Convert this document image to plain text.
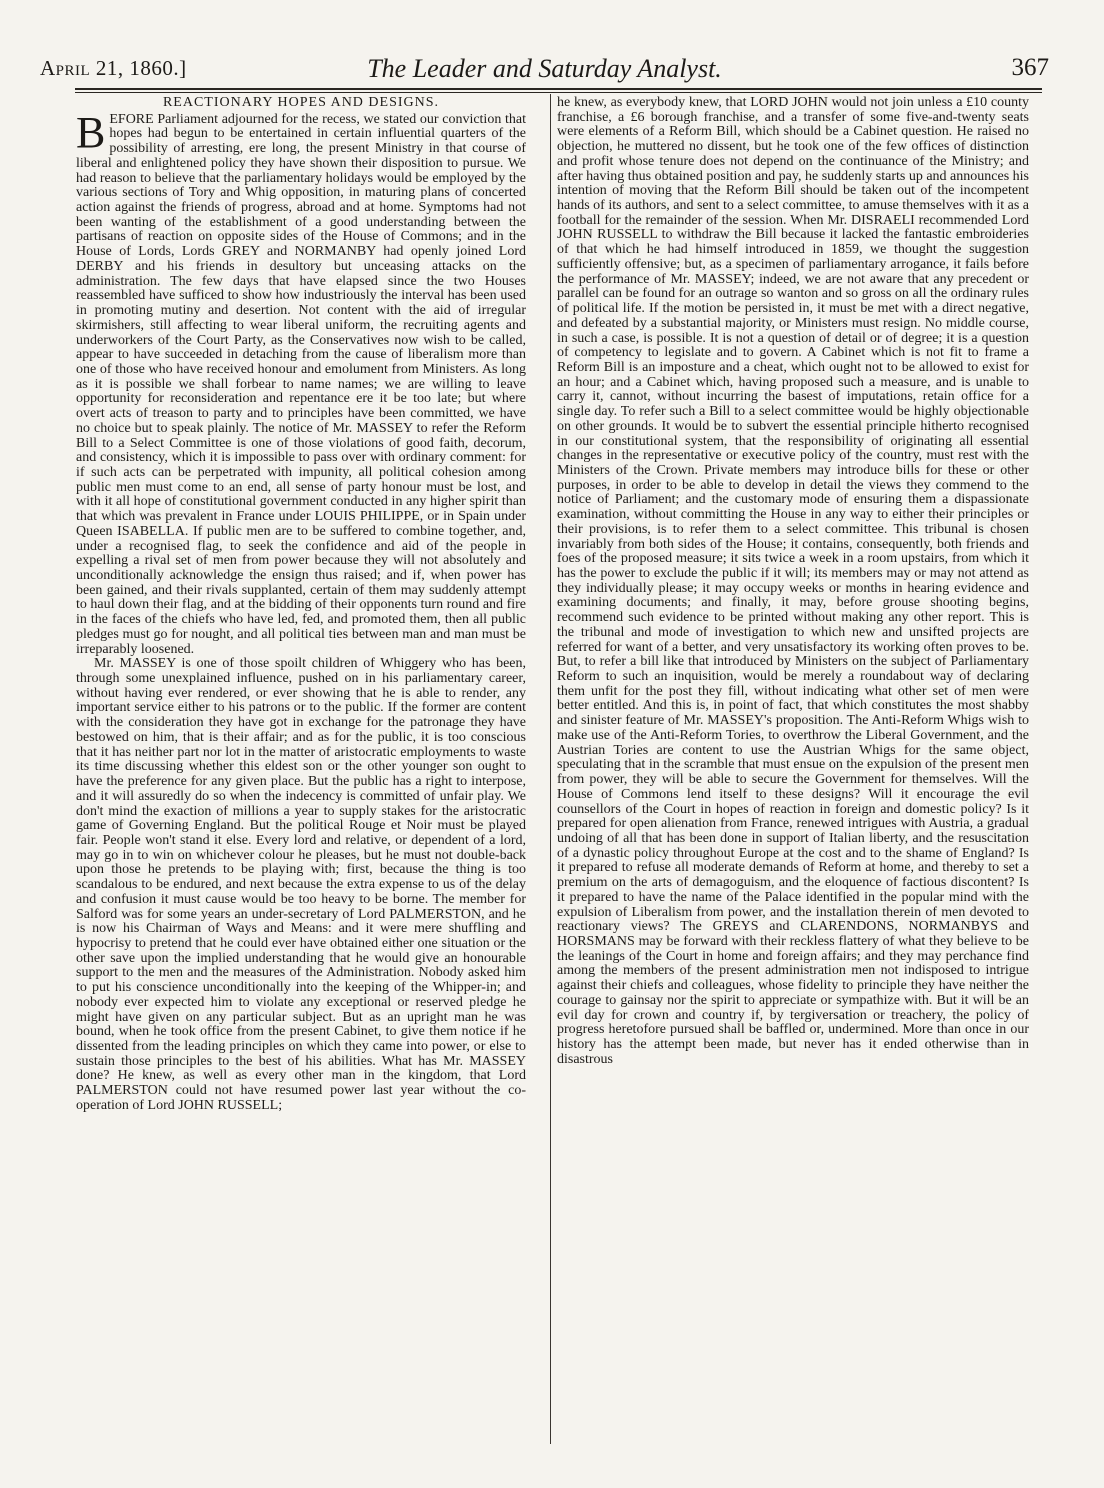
April 21, 1860.]	The Leader and Saturday Analyst.	367
REACTIONARY HOPES AND DESIGNS.

BEFORE Parliament adjourned for the recess, we stated our conviction that hopes had begun to be entertained in certain influential quarters of the possibility of arresting, ere long, the present Ministry in that course of liberal and enlightened policy they have shown their disposition to pursue. We had reason to believe that the parliamentary holidays would be employed by the various sections of Tory and Whig opposition, in maturing plans of concerted action against the friends of progress, abroad and at home. Symptoms had not been wanting of the establishment of a good understanding between the partisans of reaction on opposite sides of the House of Commons; and in the House of Lords, Lords GREY and NORMANBY had openly joined Lord DERBY and his friends in desultory but unceasing attacks on the administration. The few days that have elapsed since the two Houses reassembled have sufficed to show how industriously the interval has been used in promoting mutiny and desertion. Not content with the aid of irregular skirmishers, still affecting to wear liberal uniform, the recruiting agents and underworkers of the Court Party, as the Conservatives now wish to be called, appear to have succeeded in detaching from the cause of liberalism more than one of those who have received honour and emolument from Ministers. As long as it is possible we shall forbear to name names; we are willing to leave opportunity for reconsideration and repentance ere it be too late; but where overt acts of treason to party and to principles have been committed, we have no choice but to speak plainly. The notice of Mr. MASSEY to refer the Reform Bill to a Select Committee is one of those violations of good faith, decorum, and consistency, which it is impossible to pass over with ordinary comment: for if such acts can be perpetrated with impunity, all political cohesion among public men must come to an end, all sense of party honour must be lost, and with it all hope of constitutional government conducted in any higher spirit than that which was prevalent in France under LOUIS PHILIPPE, or in Spain under Queen ISABELLA. If public men are to be suffered to combine together, and, under a recognised flag, to seek the confidence and aid of the people in expelling a rival set of men from power because they will not absolutely and unconditionally acknowledge the ensign thus raised; and if, when power has been gained, and their rivals supplanted, certain of them may suddenly attempt to haul down their flag, and at the bidding of their opponents turn round and fire in the faces of the chiefs who have led, fed, and promoted them, then all public pledges must go for nought, and all political ties between man and man must be irreparably loosened.

Mr. MASSEY is one of those spoilt children of Whiggery who has been, through some unexplained influence, pushed on in his parliamentary career, without having ever rendered, or ever showing that he is able to render, any important service either to his patrons or to the public. If the former are content with the consideration they have got in exchange for the patronage they have bestowed on him, that is their affair; and as for the public, it is too conscious that it has neither part nor lot in the matter of aristocratic employments to waste its time discussing whether this eldest son or the other younger son ought to have the preference for any given place. But the public has a right to interpose, and it will assuredly do so when the indecency is committed of unfair play. We don't mind the exaction of millions a year to supply stakes for the aristocratic game of Governing England. But the political Rouge et Noir must be played fair. People won't stand it else. Every lord and relative, or dependent of a lord, may go in to win on whichever colour he pleases, but he must not double-back upon those he pretends to be playing with; first, because the thing is too scandalous to be endured, and next because the extra expense to us of the delay and confusion it must cause would be too heavy to be borne. The member for Salford was for some years an under-secretary of Lord PALMERSTON, and he is now his Chairman of Ways and Means: and it were mere shuffling and hypocrisy to pretend that he could ever have obtained either one situation or the other save upon the implied understanding that he would give an honourable support to the men and the measures of the Administration. Nobody asked him to put his conscience unconditionally into the keeping of the Whipper-in; and nobody ever expected him to violate any exceptional or reserved pledge he might have given on any particular subject. But as an upright man he was bound, when he took office from the present Cabinet, to give them notice if he dissented from the leading principles on which they came into power, or else to sustain those principles to the best of his abilities. What has Mr. MASSEY done? He knew, as well as every other man in the kingdom, that Lord PALMERSTON could not have resumed power last year without the co-operation of Lord JOHN RUSSELL;

he knew, as everybody knew, that LORD JOHN would not join unless a £10 county franchise, a £6 borough franchise, and a transfer of some five-and-twenty seats were elements of a Reform Bill, which should be a Cabinet question. He raised no objection, he muttered no dissent, but he took one of the few offices of distinction and profit whose tenure does not depend on the continuance of the Ministry; and after having thus obtained position and pay, he suddenly starts up and announces his intention of moving that the Reform Bill should be taken out of the incompetent hands of its authors, and sent to a select committee, to amuse themselves with it as a football for the remainder of the session. When Mr. DISRAELI recommended Lord JOHN RUSSELL to withdraw the Bill because it lacked the fantastic embroideries of that which he had himself introduced in 1859, we thought the suggestion sufficiently offensive; but, as a specimen of parliamentary arrogance, it fails before the performance of Mr. MASSEY; indeed, we are not aware that any precedent or parallel can be found for an outrage so wanton and so gross on all the ordinary rules of political life. If the motion be persisted in, it must be met with a direct negative, and defeated by a substantial majority, or Ministers must resign. No middle course, in such a case, is possible. It is not a question of detail or of degree; it is a question of competency to legislate and to govern. A Cabinet which is not fit to frame a Reform Bill is an imposture and a cheat, which ought not to be allowed to exist for an hour; and a Cabinet which, having proposed such a measure, and is unable to carry it, cannot, without incurring the basest of imputations, retain office for a single day. To refer such a Bill to a select committee would be highly objectionable on other grounds. It would be to subvert the essential principle hitherto recognised in our constitutional system, that the responsibility of originating all essential changes in the representative or executive policy of the country, must rest with the Ministers of the Crown. Private members may introduce bills for these or other purposes, in order to be able to develop in detail the views they commend to the notice of Parliament; and the customary mode of ensuring them a dispassionate examination, without committing the House in any way to either their principles or their provisions, is to refer them to a select committee. This tribunal is chosen invariably from both sides of the House; it contains, consequently, both friends and foes of the proposed measure; it sits twice a week in a room upstairs, from which it has the power to exclude the public if it will; its members may or may not attend as they individually please; it may occupy weeks or months in hearing evidence and examining documents; and finally, it may, before grouse shooting begins, recommend such evidence to be printed without making any other report. This is the tribunal and mode of investigation to which new and unsifted projects are referred for want of a better, and very unsatisfactory its working often proves to be. But, to refer a bill like that introduced by Ministers on the subject of Parliamentary Reform to such an inquisition, would be merely a roundabout way of declaring them unfit for the post they fill, without indicating what other set of men were better entitled. And this is, in point of fact, that which constitutes the most shabby and sinister feature of Mr. MASSEY's proposition. The Anti-Reform Whigs wish to make use of the Anti-Reform Tories, to overthrow the Liberal Government, and the Austrian Tories are content to use the Austrian Whigs for the same object, speculating that in the scramble that must ensue on the expulsion of the present men from power, they will be able to secure the Government for themselves. Will the House of Commons lend itself to these designs? Will it encourage the evil counsellors of the Court in hopes of reaction in foreign and domestic policy? Is it prepared for open alienation from France, renewed intrigues with Austria, a gradual undoing of all that has been done in support of Italian liberty, and the resuscitation of a dynastic policy throughout Europe at the cost and to the shame of England? Is it prepared to refuse all moderate demands of Reform at home, and thereby to set a premium on the arts of demagoguism, and the eloquence of factious discontent? Is it prepared to have the name of the Palace identified in the popular mind with the expulsion of Liberalism from power, and the installation therein of men devoted to reactionary views? The GREYS and CLARENDONS, NORMANBYS and HORSMANS may be forward with their reckless flattery of what they believe to be the leanings of the Court in home and foreign affairs; and they may perchance find among the members of the present administration men not indisposed to intrigue against their chiefs and colleagues, whose fidelity to principle they have neither the courage to gainsay nor the spirit to appreciate or sympathize with. But it will be an evil day for crown and country if, by tergiversation or treachery, the policy of progress heretofore pursued shall be baffled or, undermined. More than once in our history has the attempt been made, but never has it ended otherwise than in disastrous
